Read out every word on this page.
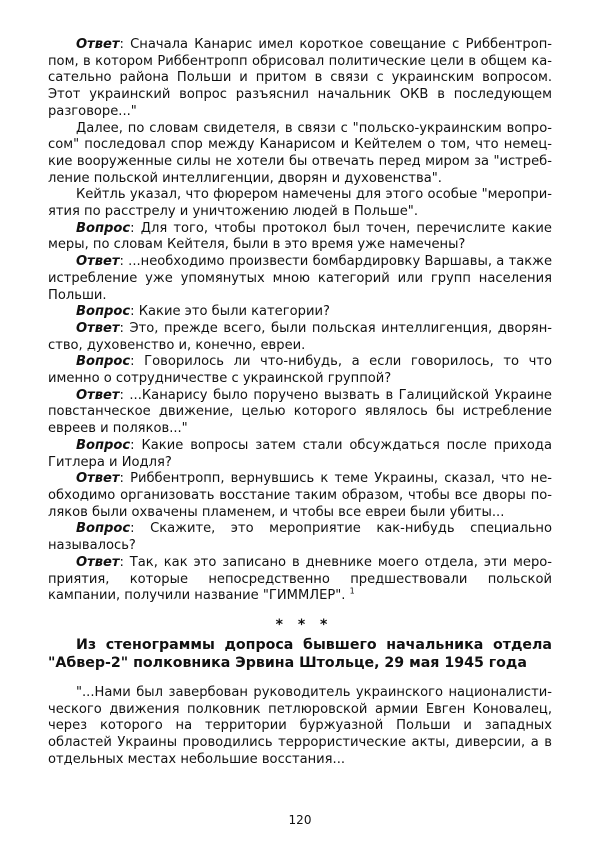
Ответ: Сначала Канарис имел короткое совещание с Риббентроппом, в котором Риббентропп обрисовал политические цели в общем касательно района Польши и притом в связи с украинским вопросом. Этот украинский вопрос разъяснил начальник ОКВ в последующем разговоре..."

Далее, по словам свидетеля, в связи с "польско-украинским вопросом" последовал спор между Канарисом и Кейтелем о том, что немецкие вооруженные силы не хотели бы отвечать перед миром за "истребление польской интеллигенции, дворян и духовенства".

Кейтль указал, что фюрером намечены для этого особые "мероприятия по расстрелу и уничтожению людей в Польше".

Вопрос: Для того, чтобы протокол был точен, перечислите какие меры, по словам Кейтеля, были в это время уже намечены?

Ответ: ...необходимо произвести бомбардировку Варшавы, а также истребление уже упомянутых мною категорий или групп населения Польши.

Вопрос: Какие это были категории?

Ответ: Это, прежде всего, были польская интеллигенция, дворянство, духовенство и, конечно, евреи.

Вопрос: Говорилось ли что-нибудь, а если говорилось, то что именно о сотрудничестве с украинской группой?

Ответ: ...Канарису было поручено вызвать в Галицийской Украине повстанческое движение, целью которого являлось бы истребление евреев и поляков..."

Вопрос: Какие вопросы затем стали обсуждаться после прихода Гитлера и Иодля?

Ответ: Риббентропп, вернувшись к теме Украины, сказал, что необходимо организовать восстание таким образом, чтобы все дворы поляков были охвачены пламенем, и чтобы все евреи были убиты...

Вопрос: Скажите, это мероприятие как-нибудь специально называлось?

Ответ: Так, как это записано в дневнике моего отдела, эти мероприятия, которые непосредственно предшествовали польской кампании, получили название "ГИММЛЕР". $^1$

* * *

Из стенограммы допроса бывшего начальника отдела "Абвер-2" полковника Эрвина Штольце, 29 мая 1945 года

"...Нами был завербован руководитель украинского националистического движения полковник петлюровской армии Евген Коновалец, через которого на территории буржуазной Польши и западных областей Украины проводились террористические акты, диверсии, а в отдельных местах небольшие восстания...

120
